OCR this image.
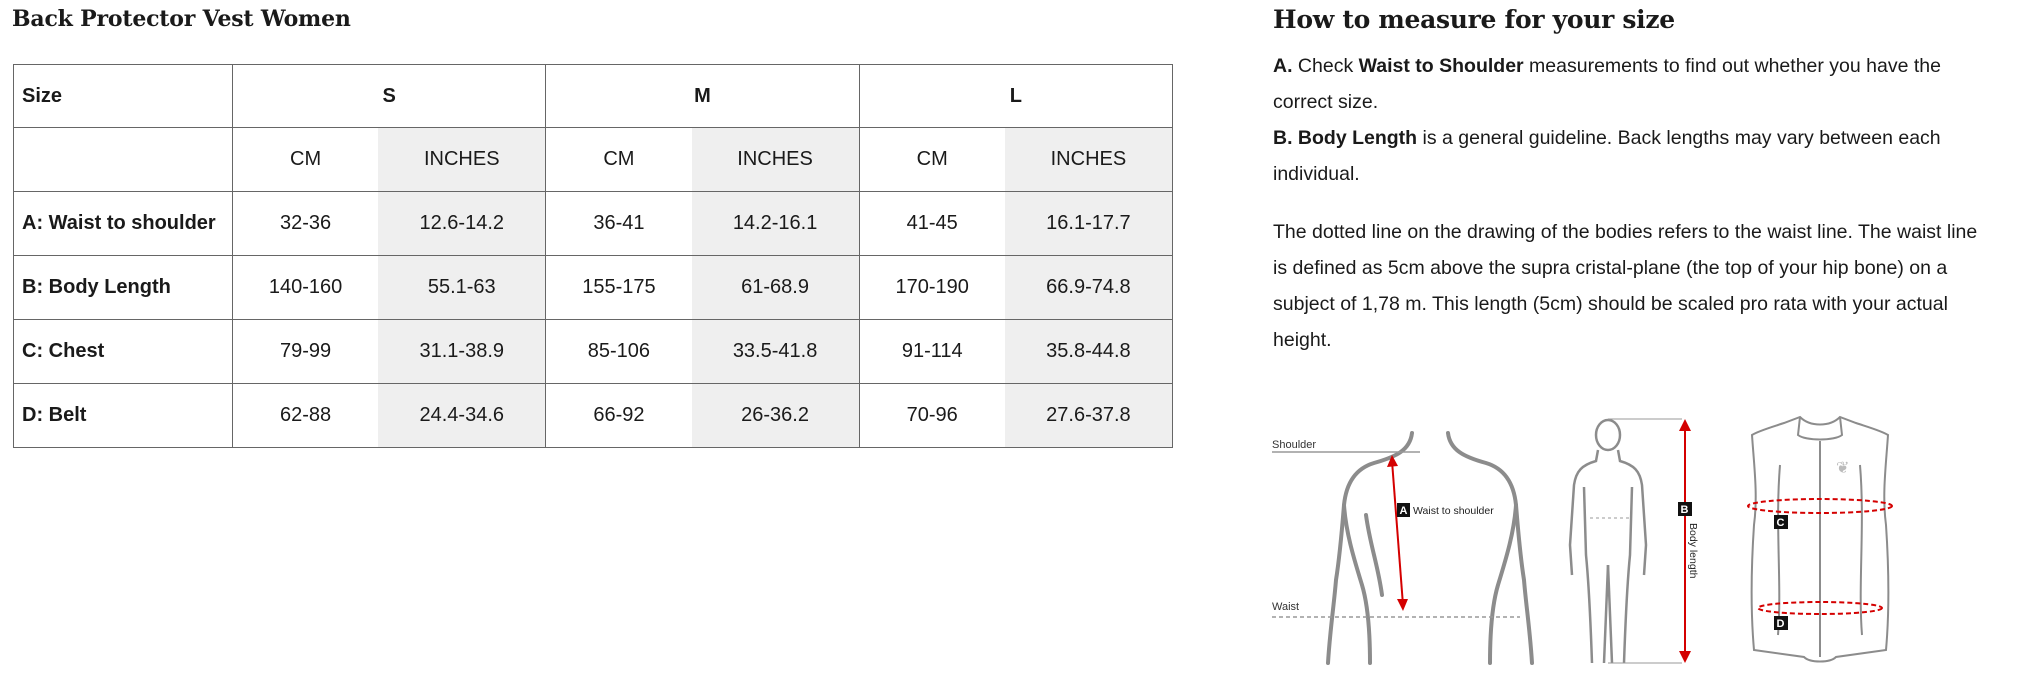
Back Protector Vest Women
Size	S		M		L	
	CM	INCHES	CM	INCHES	CM	INCHES
A: Waist to shoulder	32-36	12.6-14.2	36-41	14.2-16.1	41-45	16.1-17.7
B: Body Length	140-160	55.1-63	155-175	61-68.9	170-190	66.9-74.8
C: Chest	79-99	31.1-38.9	85-106	33.5-41.8	91-114	35.8-44.8
D: Belt	62-88	24.4-34.6	66-92	26-36.2	70-96	27.6-37.8
How to measure for your size

A. Check Waist to Shoulder measurements to find out whether you have the correct size.
B. Body Length is a general guideline. Back lengths may vary between each individual.

The dotted line on the drawing of the bodies refers to the waist line. The waist line is defined as 5cm above the supra cristal-plane (the top of your hip bone) on a subject of 1,78 m. This length (5cm) should be scaled pro rata with your actual height.

Shoulder
Waist
A Waist to shoulder	B
Body length
❦
C
D
